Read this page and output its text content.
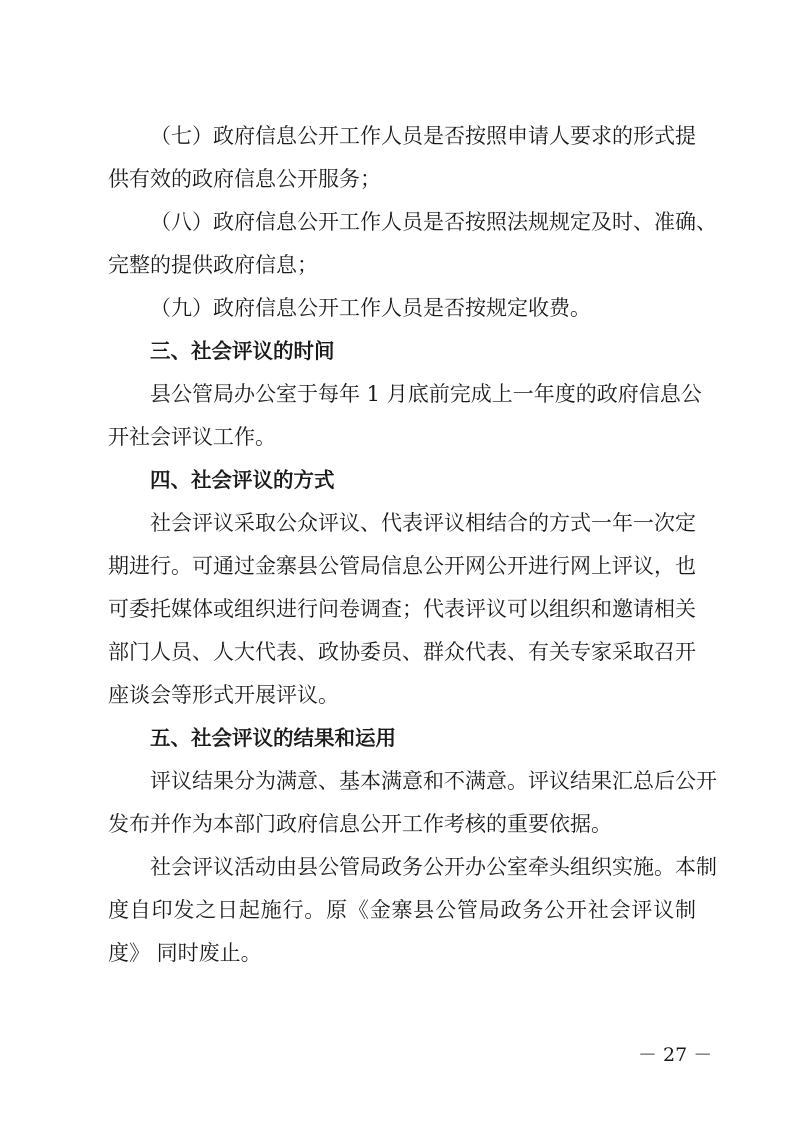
（七）政府信息公开工作人员是否按照申请人要求的形式提
供有效的政府信息公开服务；
（八）政府信息公开工作人员是否按照法规规定及时、准确、
完整的提供政府信息；
（九）政府信息公开工作人员是否按规定收费。
三、社会评议的时间
县公管局办公室于每年 1 月底前完成上一年度的政府信息公
开社会评议工作。
四、社会评议的方式
社会评议采取公众评议、代表评议相结合的方式一年一次定
期进行。可通过金寨县公管局信息公开网公开进行网上评议，也
可委托媒体或组织进行问卷调查；代表评议可以组织和邀请相关
部门人员、人大代表、政协委员、群众代表、有关专家采取召开
座谈会等形式开展评议。
五、社会评议的结果和运用
评议结果分为满意、基本满意和不满意。评议结果汇总后公开
发布并作为本部门政府信息公开工作考核的重要依据。
社会评议活动由县公管局政务公开办公室牵头组织实施。本制
度自印发之日起施行。原《金寨县公管局政务公开社会评议制
度》 同时废止。
－ 27 －
